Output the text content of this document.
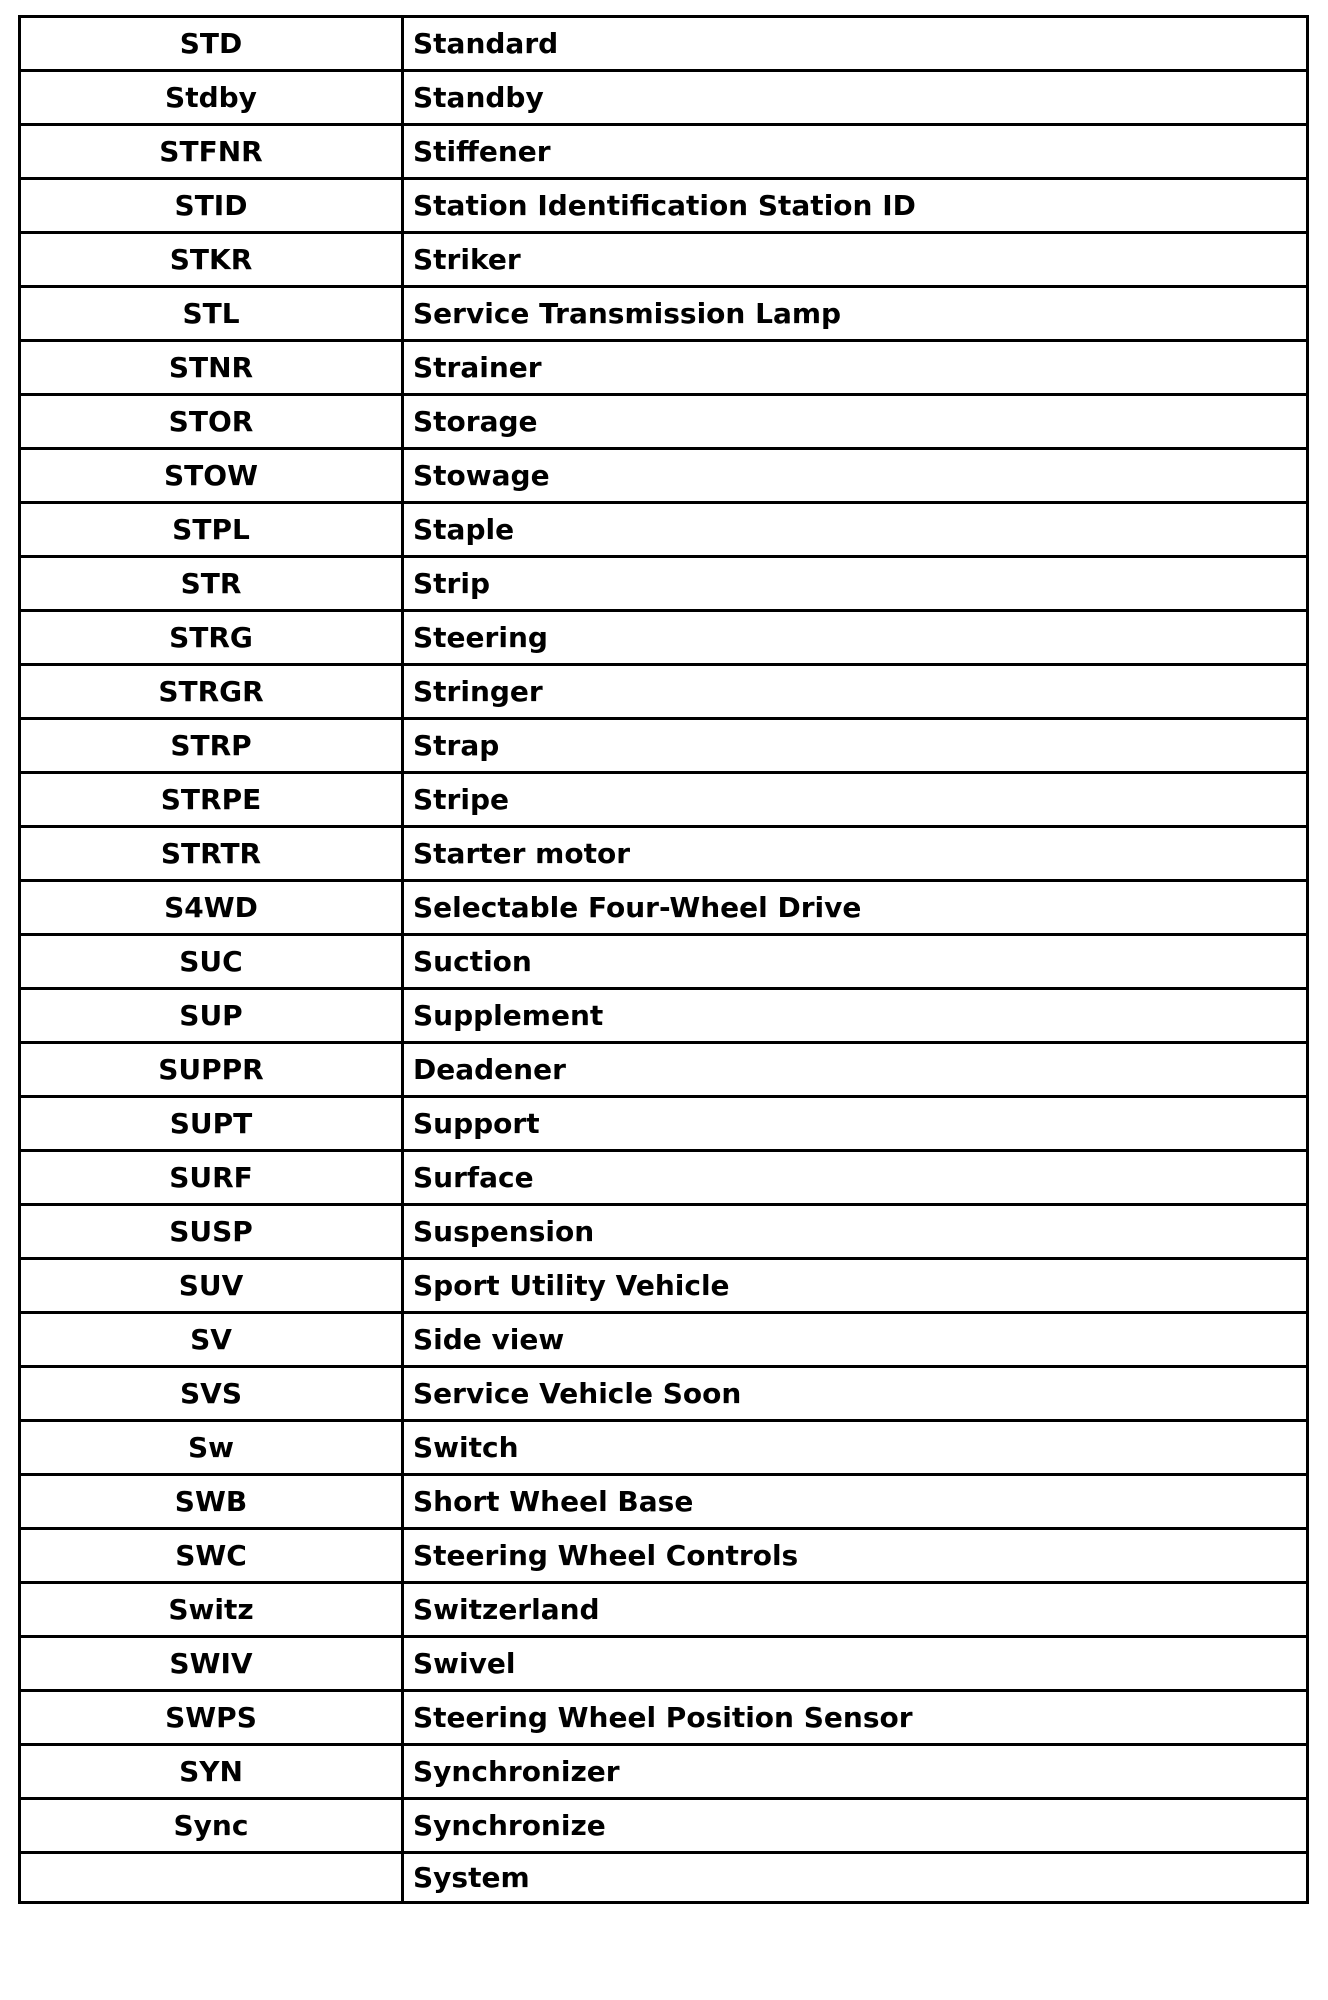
STD	Standard
Stdby	Standby
STFNR	Stiffener
STID	Station Identification Station ID
STKR	Striker
STL	Service Transmission Lamp
STNR	Strainer
STOR	Storage
STOW	Stowage
STPL	Staple
STR	Strip
STRG	Steering
STRGR	Stringer
STRP	Strap
STRPE	Stripe
STRTR	Starter motor
S4WD	Selectable Four-Wheel Drive
SUC	Suction
SUP	Supplement
SUPPR	Deadener
SUPT	Support
SURF	Surface
SUSP	Suspension
SUV	Sport Utility Vehicle
SV	Side view
SVS	Service Vehicle Soon
Sw	Switch
SWB	Short Wheel Base
SWC	Steering Wheel Controls
Switz	Switzerland
SWIV	Swivel
SWPS	Steering Wheel Position Sensor
SYN	Synchronizer
Sync	Synchronize
	System
